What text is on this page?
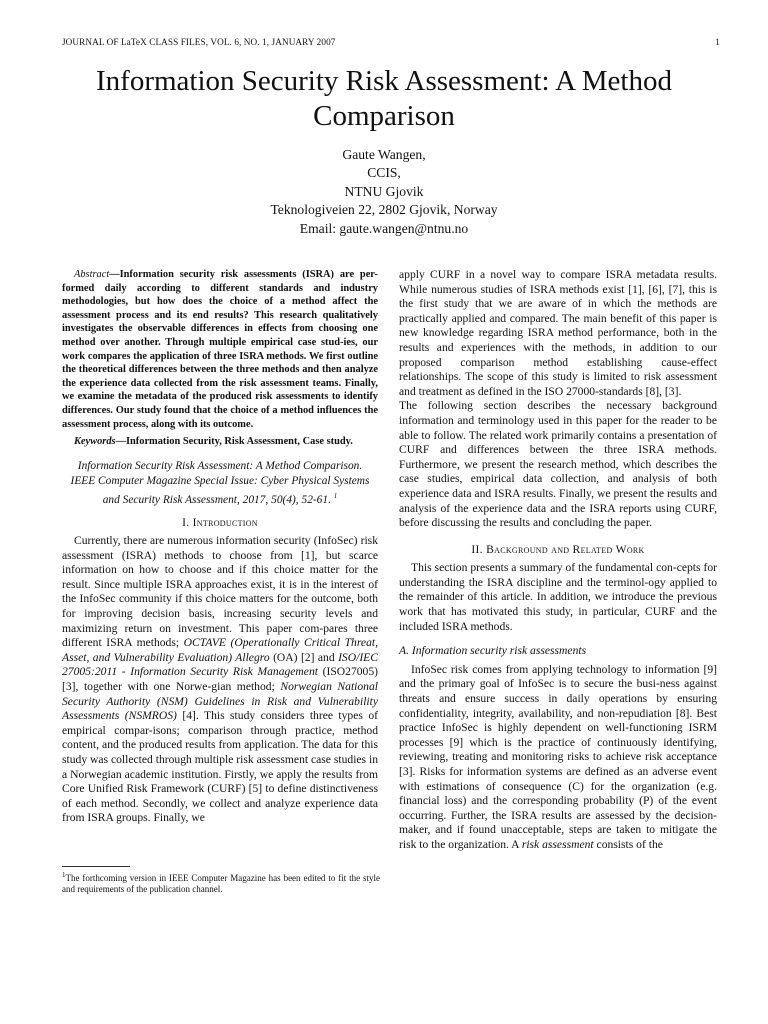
JOURNAL OF LaTeX CLASS FILES, VOL. 6, NO. 1, JANUARY 2007	1
Information Security Risk Assessment: A Method Comparison
Gaute Wangen,
CCIS,
NTNU Gjovik
Teknologiveien 22, 2802 Gjovik, Norway
Email: gaute.wangen@ntnu.no

Abstract—Information security risk assessments (ISRA) are per-formed daily according to different standards and industry methodologies, but how does the choice of a method affect the assessment process and its end results? This research qualitatively investigates the observable differences in effects from choosing one method over another. Through multiple empirical case stud-ies, our work compares the application of three ISRA methods. We first outline the theoretical differences between the three methods and then analyze the experience data collected from the risk assessment teams. Finally, we examine the metadata of the produced risk assessments to identify differences. Our study found that the choice of a method influences the assessment process, along with its outcome.

Keywords—Information Security, Risk Assessment, Case study.

Information Security Risk Assessment: A Method Comparison. IEEE Computer Magazine Special Issue: Cyber Physical Systems and Security Risk Assessment, 2017, 50(4), 52-61. $^1$

I. Introduction

Currently, there are numerous information security (InfoSec) risk assessment (ISRA) methods to choose from [1], but scarce information on how to choose and if this choice matter for the result. Since multiple ISRA approaches exist, it is in the interest of the InfoSec community if this choice matters for the outcome, both for improving decision basis, increasing security levels and maximizing return on investment. This paper com-pares three different ISRA methods; OCTAVE (Operationally Critical Threat, Asset, and Vulnerability Evaluation) Allegro (OA) [2] and ISO/IEC 27005:2011 - Information Security Risk Management (ISO27005) [3], together with one Norwe-gian method; Norwegian National Security Authority (NSM) Guidelines in Risk and Vulnerability Assessments (NSMROS) [4]. This study considers three types of empirical compar-isons; comparison through practice, method content, and the produced results from application. The data for this study was collected through multiple risk assessment case studies in a Norwegian academic institution. Firstly, we apply the results from Core Unified Risk Framework (CURF) [5] to define distinctiveness of each method. Secondly, we collect and analyze experience data from ISRA groups. Finally, we

apply CURF in a novel way to compare ISRA metadata results. While numerous studies of ISRA methods exist [1], [6], [7], this is the first study that we are aware of in which the methods are practically applied and compared. The main benefit of this paper is new knowledge regarding ISRA method performance, both in the results and experiences with the methods, in addition to our proposed comparison method establishing cause-effect relationships. The scope of this study is limited to risk assessment and treatment as defined in the ISO 27000-standards [8], [3].

The following section describes the necessary background information and terminology used in this paper for the reader to be able to follow. The related work primarily contains a presentation of CURF and differences between the three ISRA methods. Furthermore, we present the research method, which describes the case studies, empirical data collection, and analysis of both experience data and ISRA results. Finally, we present the results and analysis of the experience data and the ISRA reports using CURF, before discussing the results and concluding the paper.

II. Background and Related Work

This section presents a summary of the fundamental con-cepts for understanding the ISRA discipline and the terminol-ogy applied to the remainder of this article. In addition, we introduce the previous work that has motivated this study, in particular, CURF and the included ISRA methods.

A. Information security risk assessments

InfoSec risk comes from applying technology to information [9] and the primary goal of InfoSec is to secure the busi-ness against threats and ensure success in daily operations by ensuring confidentiality, integrity, availability, and non-repudiation [8]. Best practice InfoSec is highly dependent on well-functioning ISRM processes [9] which is the practice of continuously identifying, reviewing, treating and monitoring risks to achieve risk acceptance [3]. Risks for information systems are defined as an adverse event with estimations of consequence (C) for the organization (e.g. financial loss) and the corresponding probability (P) of the event occurring. Further, the ISRA results are assessed by the decision-maker, and if found unacceptable, steps are taken to mitigate the risk to the organization. A risk assessment consists of the

$^1$The forthcoming version in IEEE Computer Magazine has been edited to fit the style and requirements of the publication channel.
